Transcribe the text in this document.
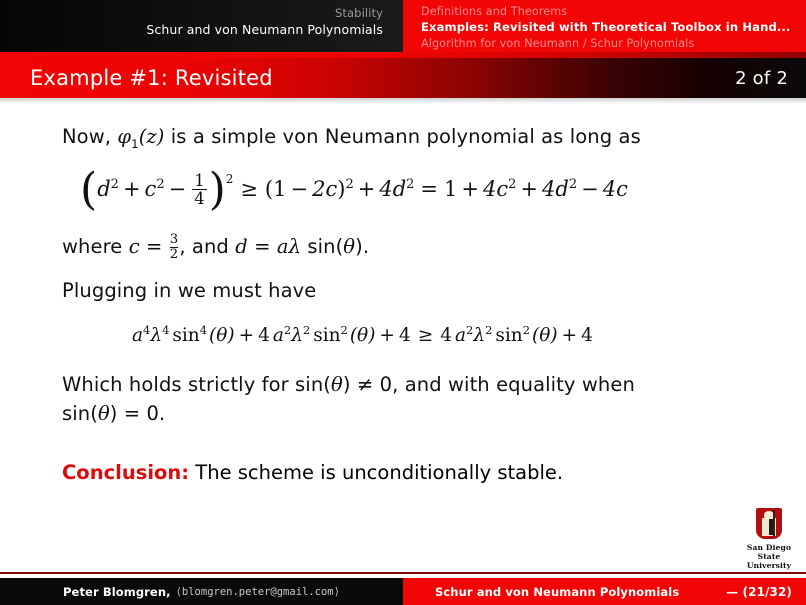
Stability
Schur and von Neumann Polynomials
Definitions and Theorems
Examples: Revisited with Theoretical Toolbox in Hand...
Algorithm for von Neumann / Schur Polynomials
Example #1: Revisited	2 of 2
Now, $\varphi_1(z)$ is a simple von Neumann polynomial as long as
$(d^2 + c^2 - \frac{1}{4} )^2 \ge (1 - 2c)^2 + 4d^2 = 1 + 4c^2 + 4d^2 - 4c$
where $c = \frac{3}{2}$ , and d = aλ sin(θ).
Plugging in we must have
$a^4\lambda^4$ $\sin^4 (\theta) + 4$ $a^2\lambda^2$ $\sin^2 (\theta) + 4 \ge 4$ $a^2\lambda^2$ $\sin^2 (\theta) + 4$
Which holds strictly for sin(θ) ≠ 0, and with equality when
sin(θ) = 0.
Conclusion: The scheme is unconditionally stable.
San Diego State
University
Peter Blomgren, ⟨blomgren.peter@gmail.com⟩	Schur and von Neumann Polynomials	— (21/32)
